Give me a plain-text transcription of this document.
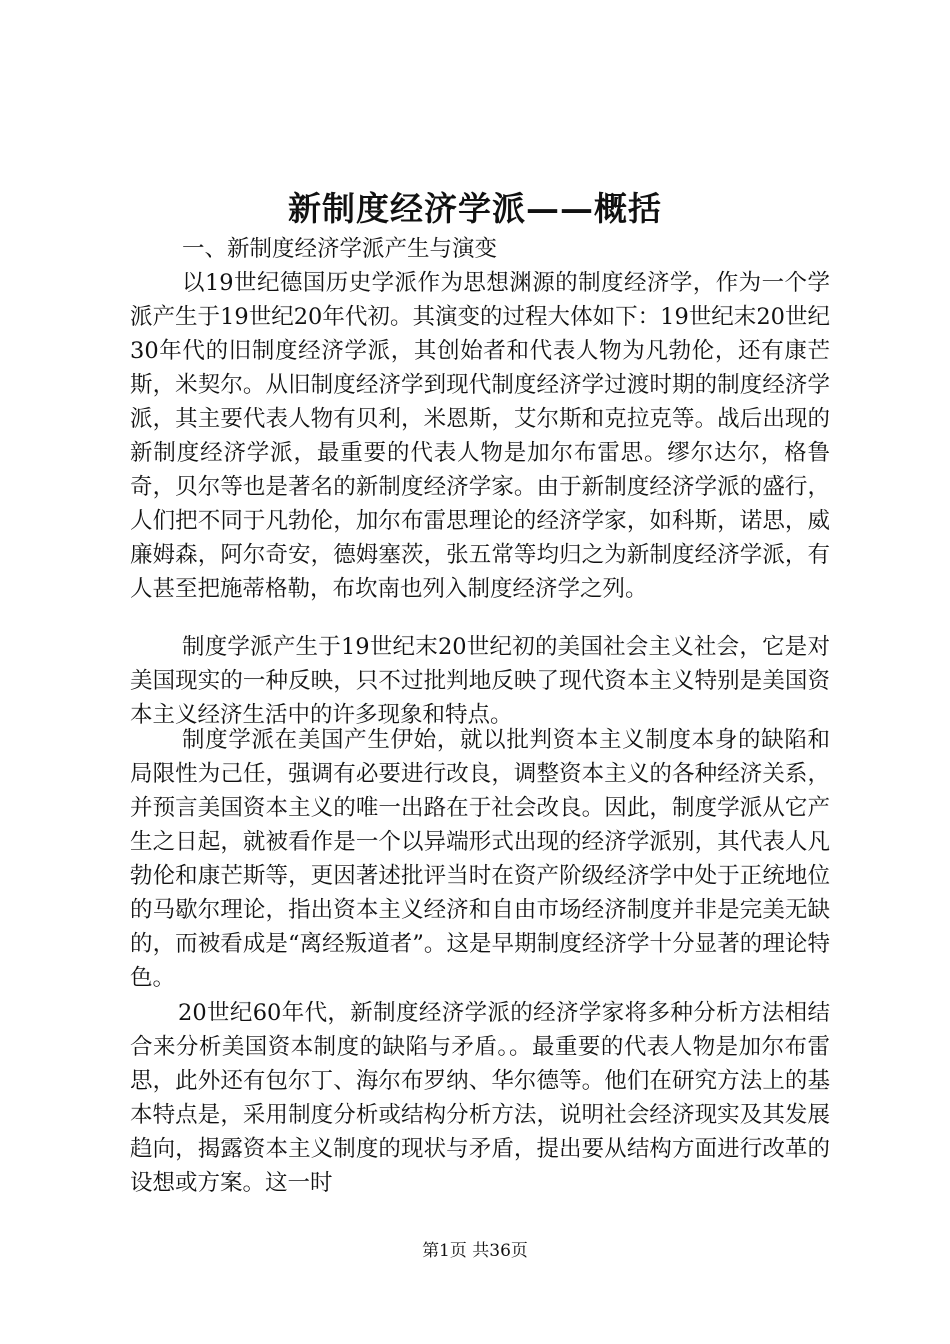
新制度经济学派——概括
一、新制度经济学派产生与演变
以19世纪德国历史学派作为思想渊源的制度经济学，作为一个学派产生于19世纪20年代初。其演变的过程大体如下：19世纪末20世纪30年代的旧制度经济学派，其创始者和代表人物为凡勃伦，还有康芒斯，米契尔。从旧制度经济学到现代制度经济学过渡时期的制度经济学派，其主要代表人物有贝利，米恩斯，艾尔斯和克拉克等。战后出现的新制度经济学派，最重要的代表人物是加尔布雷思。缪尔达尔，格鲁奇，贝尔等也是著名的新制度经济学家。由于新制度经济学派的盛行，人们把不同于凡勃伦，加尔布雷思理论的经济学家，如科斯，诺思，威廉姆森，阿尔奇安，德姆塞茨，张五常等均归之为新制度经济学派，有人甚至把施蒂格勒，布坎南也列入制度经济学之列。
制度学派产生于19世纪末20世纪初的美国社会主义社会，它是对美国现实的一种反映，只不过批判地反映了现代资本主义特别是美国资本主义经济生活中的许多现象和特点。
制度学派在美国产生伊始，就以批判资本主义制度本身的缺陷和局限性为己任，强调有必要进行改良，调整资本主义的各种经济关系，并预言美国资本主义的唯一出路在于社会改良。因此，制度学派从它产生之日起，就被看作是一个以异端形式出现的经济学派别，其代表人凡勃伦和康芒斯等，更因著述批评当时在资产阶级经济学中处于正统地位的马歇尔理论，指出资本主义经济和自由市场经济制度并非是完美无缺的，而被看成是“离经叛道者”。这是早期制度经济学十分显著的理论特色。
20世纪60年代，新制度经济学派的经济学家将多种分析方法相结合来分析美国资本制度的缺陷与矛盾。。最重要的代表人物是加尔布雷思，此外还有包尔丁、海尔布罗纳、华尔德等。他们在研究方法上的基本特点是，采用制度分析或结构分析方法，说明社会经济现实及其发展趋向，揭露资本主义制度的现状与矛盾，提出要从结构方面进行改革的设想或方案。这一时
第1页 共36页
